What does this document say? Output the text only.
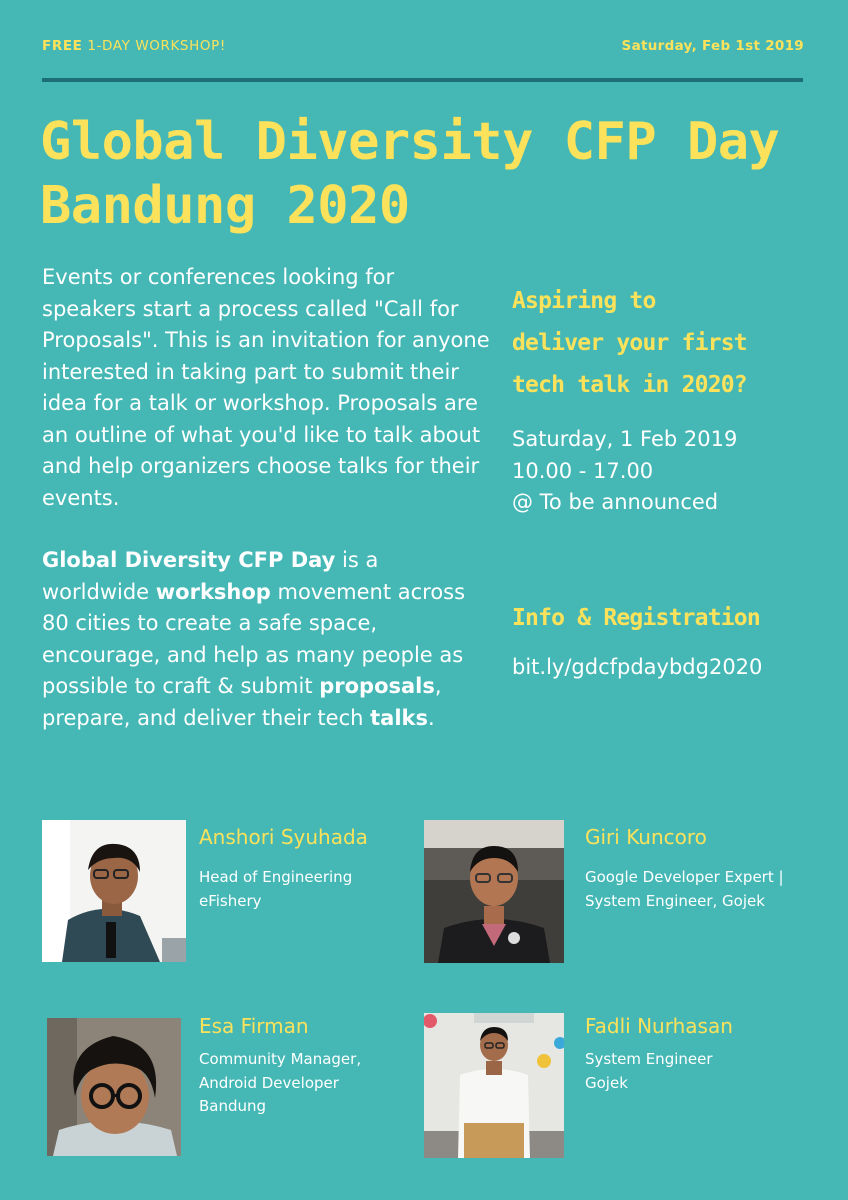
FREE 1-DAY WORKSHOP!	Saturday, Feb 1st 2019
Global Diversity CFP Day
Bandung 2020

Events or conferences looking for speakers start a process called "Call for Proposals". This is an invitation for anyone interested in taking part to submit their idea for a talk or workshop. Proposals are an outline of what you'd like to talk about and help organizers choose talks for their events.

Global Diversity CFP Day is a worldwide workshop movement across 80 cities to create a safe space, encourage, and help as many people as possible to craft & submit proposals, prepare, and deliver their tech talks.

Aspiring to
deliver your first
tech talk in 2020?
Saturday, 1 Feb 2019
10.00 - 17.00
@ To be announced
Info & Registration
bit.ly/gdcfpdaybdg2020
Anshori Syuhada
Head of Engineering
eFishery
Giri Kuncoro
Google Developer Expert |
System Engineer, Gojek
Esa Firman
Community Manager,
Android Developer
Bandung
Fadli Nurhasan
System Engineer
Gojek
